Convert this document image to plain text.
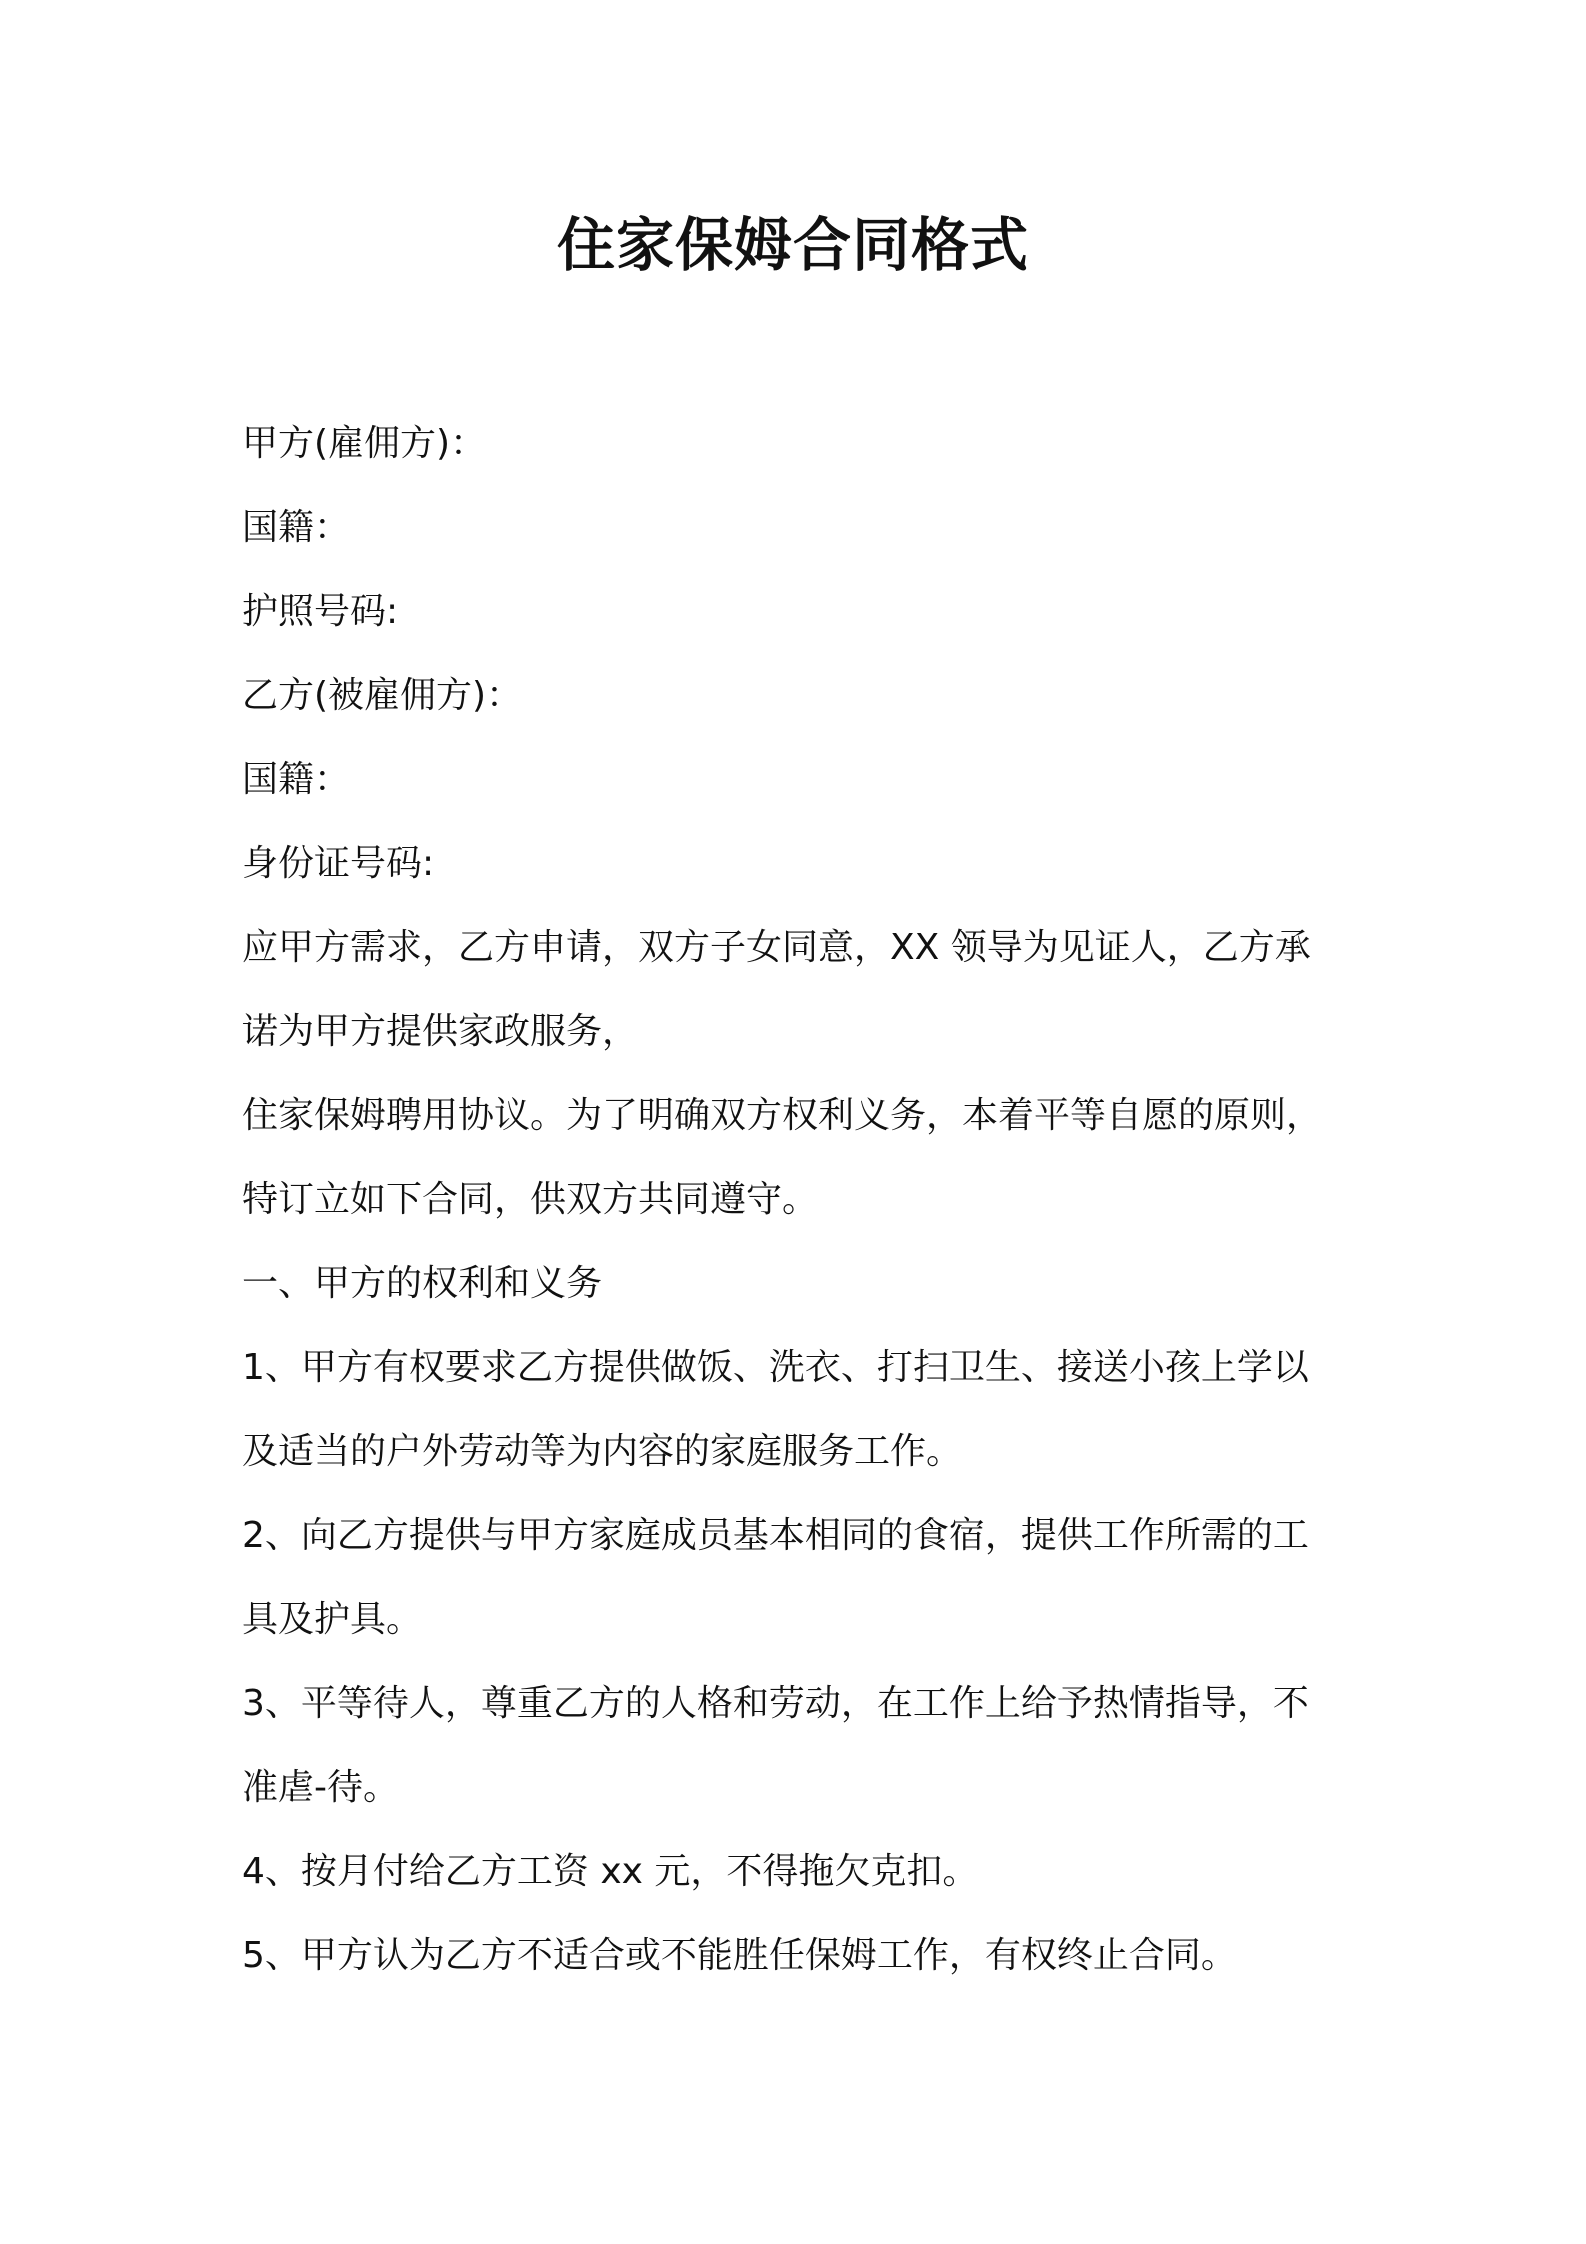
住家保姆合同格式

甲方(雇佣方)：

国籍：

护照号码:

乙方(被雇佣方)：

国籍：

身份证号码:

应甲方需求，乙方申请，双方子女同意，XX 领导为见证人，乙方承

诺为甲方提供家政服务，

住家保姆聘用协议。为了明确双方权利义务，本着平等自愿的原则，

特订立如下合同，供双方共同遵守。

一、甲方的权利和义务

1、甲方有权要求乙方提供做饭、洗衣、打扫卫生、接送小孩上学以

及适当的户外劳动等为内容的家庭服务工作。

2、向乙方提供与甲方家庭成员基本相同的食宿，提供工作所需的工

具及护具。

3、平等待人，尊重乙方的人格和劳动，在工作上给予热情指导，不

准虐-待。

4、按月付给乙方工资 xx 元，不得拖欠克扣。

5、甲方认为乙方不适合或不能胜任保姆工作，有权终止合同。
